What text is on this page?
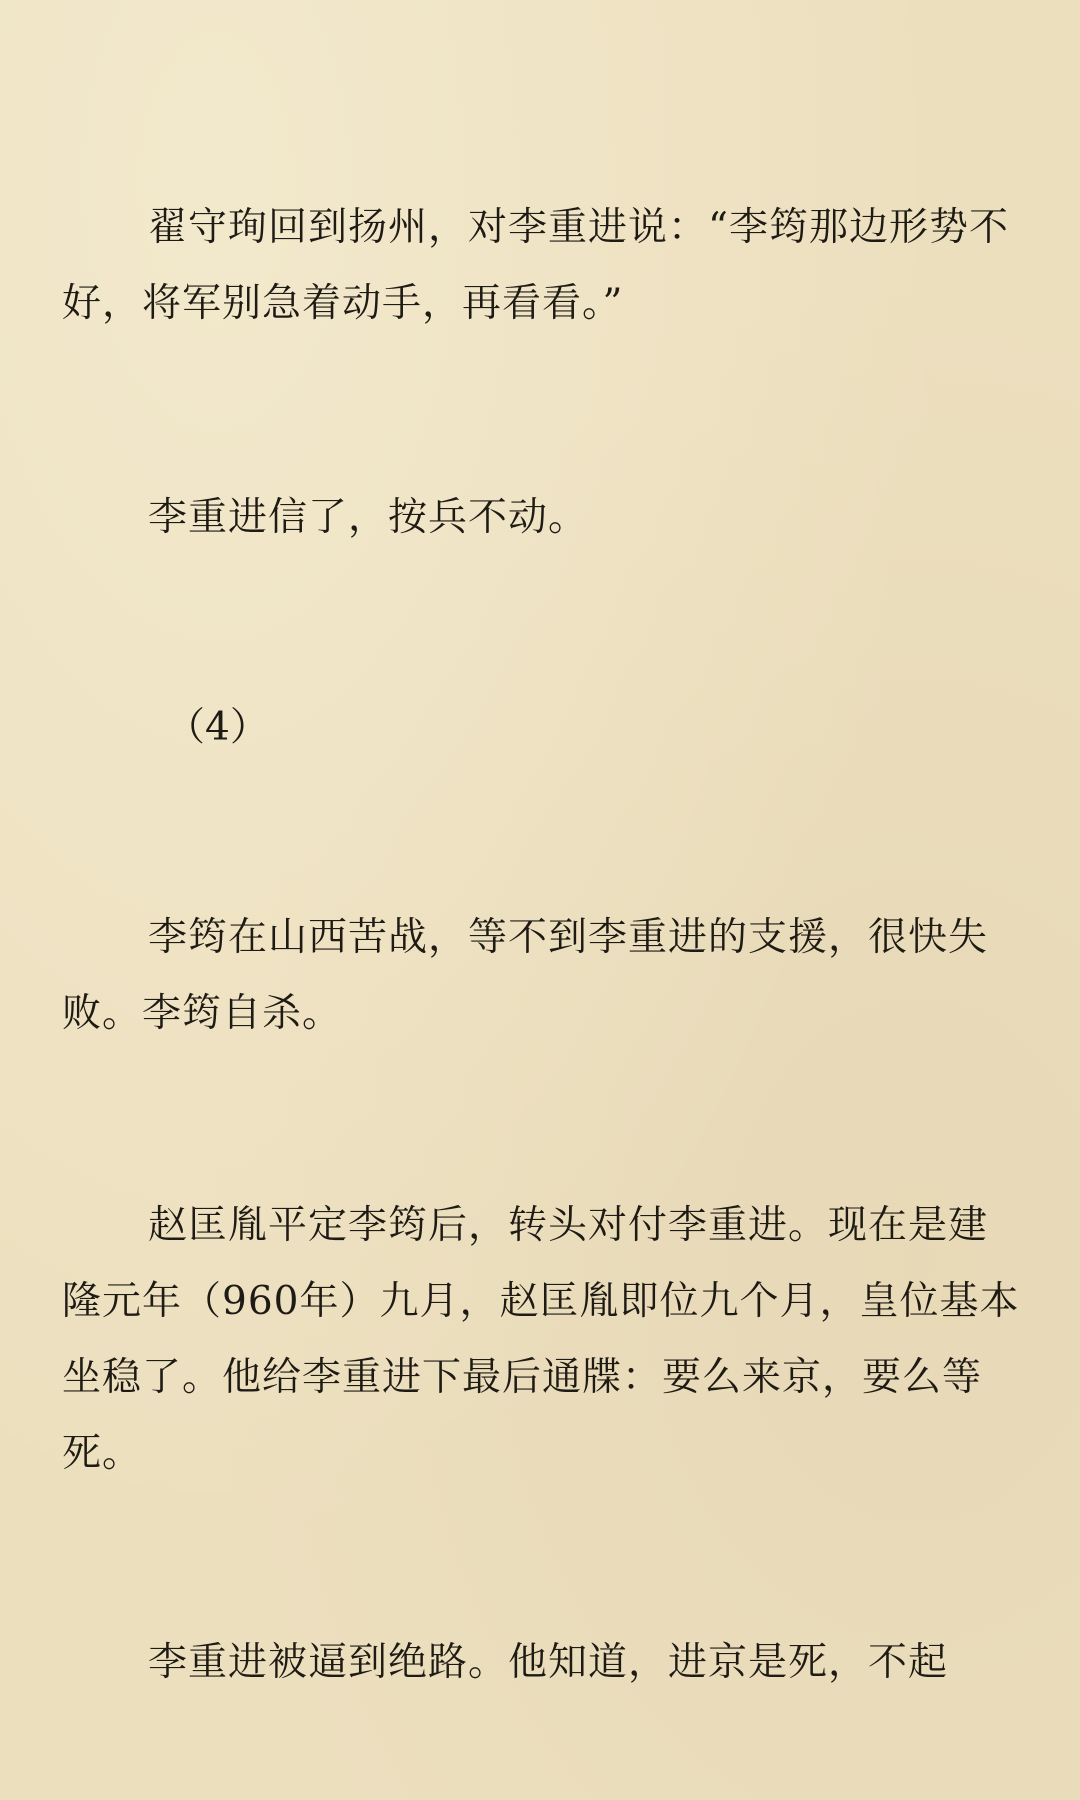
翟守珣回到扬州，对李重进说：“李筠那边形势不好，将军别急着动手，再看看。”

李重进信了，按兵不动。

（4）

李筠在山西苦战，等不到李重进的支援，很快失败。李筠自杀。

赵匡胤平定李筠后，转头对付李重进。现在是建隆元年（960年）九月，赵匡胤即位九个月，皇位基本坐稳了。他给李重进下最后通牒：要么来京，要么等死。

李重进被逼到绝路。他知道，进京是死，不起
